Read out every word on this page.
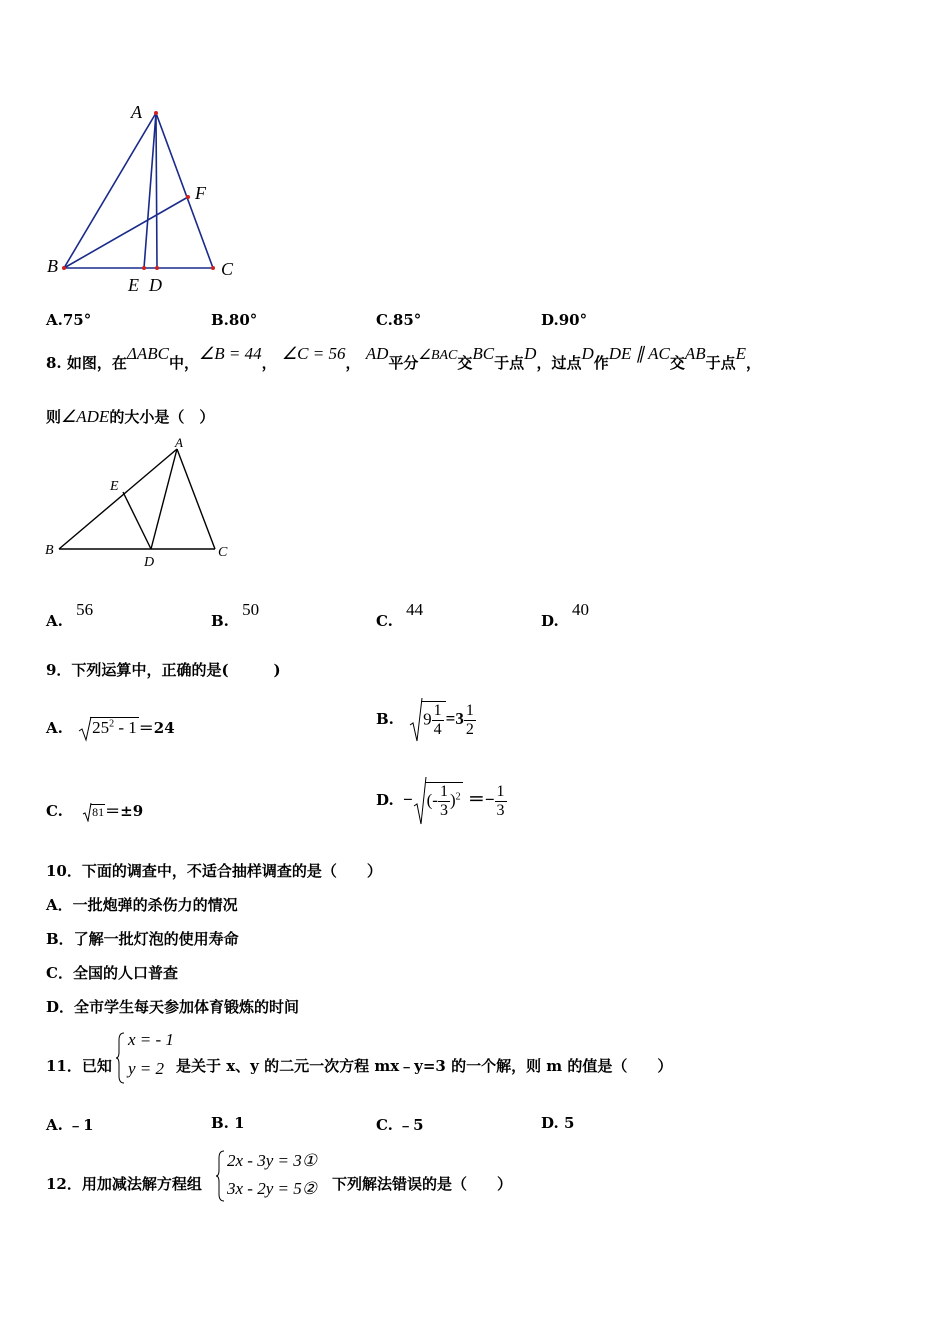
A
B	C
F
E D
A.75°	B.80°	C.85°	D.90°
8. 如图，在ΔABC中，∠B = 44， ∠C = 56， AD平分∠BAC交BC于点D，过点D作DE ∥ AC交AB于点E，
则∠ADE的大小是（　）
A
B	C
D
E
A. 56
B. 50
C. 44
D. 40
9．下列运算中，正确的是(　　　)
A. $25^2 - 1 =24$	B. $9 \frac{1}{4} =3 \frac{1}{2}$
C. 81＝±9
D. − (- $\frac{1}{3} )^2 =- \frac{1}{3}$
10．下面的调查中，不适合抽样调查的是（　　）
A．一批炮弹的杀伤力的情况
B．了解一批灯泡的使用寿命
C．全国的人口普查
D．全市学生每天参加体育锻炼的时间
11．已知
x = - 1
y = 2 是关于 x、y 的二元一次方程 mx﹣y=3 的一个解，则 m 的值是（　　）
A. ﹣1	B. 1	C. ﹣5	D. 5
12．用加减法解方程组
2x - 3y = 3①
3x - 2y = 5② 下列解法错误的是（　　）
